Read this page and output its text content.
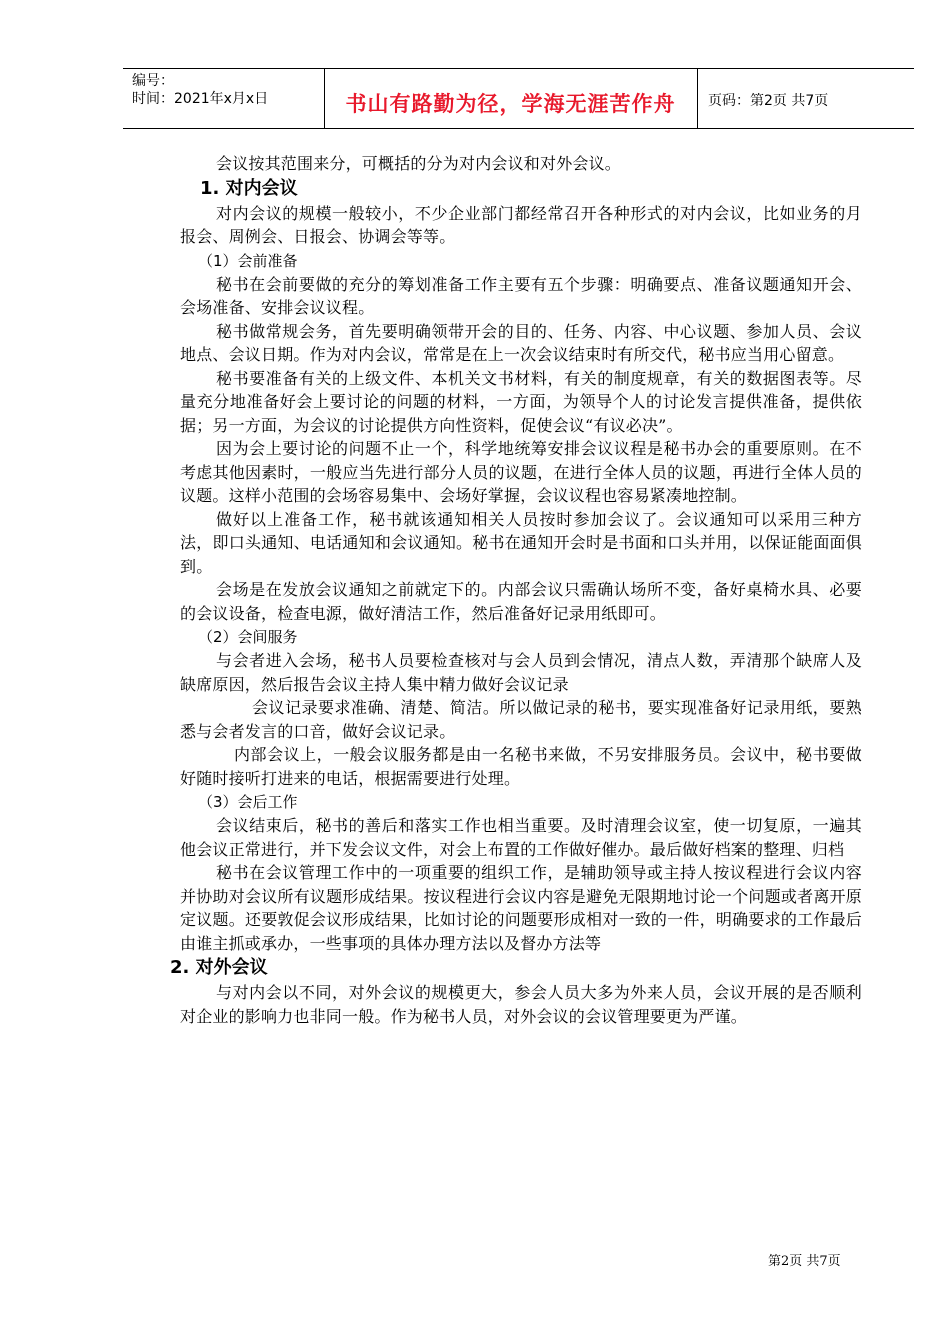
编号：
时间：2021年x月x日	书山有路勤为径，学海无涯苦作舟	页码：第2页 共7页

会议按其范围来分，可概括的分为对内会议和对外会议。

1. 对内会议

对内会议的规模一般较小，不少企业部门都经常召开各种形式的对内会议，比如业务的月报会、周例会、日报会、协调会等等。

（1）会前准备

秘书在会前要做的充分的筹划准备工作主要有五个步骤：明确要点、准备议题通知开会、会场准备、安排会议议程。

秘书做常规会务，首先要明确领带开会的目的、任务、内容、中心议题、参加人员、会议地点、会议日期。作为对内会议，常常是在上一次会议结束时有所交代，秘书应当用心留意。

秘书要准备有关的上级文件、本机关文书材料，有关的制度规章，有关的数据图表等。尽量充分地准备好会上要讨论的问题的材料，一方面，为领导个人的讨论发言提供准备，提供依据；另一方面，为会议的讨论提供方向性资料，促使会议“有议必决”。

因为会上要讨论的问题不止一个，科学地统筹安排会议议程是秘书办会的重要原则。在不考虑其他因素时，一般应当先进行部分人员的议题，在进行全体人员的议题，再进行全体人员的议题。这样小范围的会场容易集中、会场好掌握，会议议程也容易紧凑地控制。

做好以上准备工作，秘书就该通知相关人员按时参加会议了。会议通知可以采用三种方法，即口头通知、电话通知和会议通知。秘书在通知开会时是书面和口头并用，以保证能面面俱到。

会场是在发放会议通知之前就定下的。内部会议只需确认场所不变，备好桌椅水具、必要的会议设备，检查电源，做好清洁工作，然后准备好记录用纸即可。

（2）会间服务

与会者进入会场，秘书人员要检查核对与会人员到会情况，清点人数，弄清那个缺席人及缺席原因，然后报告会议主持人集中精力做好会议记录

会议记录要求准确、清楚、简洁。所以做记录的秘书，要实现准备好记录用纸，要熟悉与会者发言的口音，做好会议记录。

内部会议上，一般会议服务都是由一名秘书来做，不另安排服务员。会议中，秘书要做好随时接听打进来的电话，根据需要进行处理。

（3）会后工作

会议结束后，秘书的善后和落实工作也相当重要。及时清理会议室，使一切复原，一遍其他会议正常进行，并下发会议文件，对会上布置的工作做好催办。最后做好档案的整理、归档

秘书在会议管理工作中的一项重要的组织工作，是辅助领导或主持人按议程进行会议内容并协助对会议所有议题形成结果。按议程进行会议内容是避免无限期地讨论一个问题或者离开原定议题。还要敦促会议形成结果，比如讨论的问题要形成相对一致的一件，明确要求的工作最后由谁主抓或承办，一些事项的具体办理方法以及督办方法等

2. 对外会议

与对内会以不同，对外会议的规模更大，参会人员大多为外来人员，会议开展的是否顺利对企业的影响力也非同一般。作为秘书人员，对外会议的会议管理要更为严谨。

第2页 共7页
